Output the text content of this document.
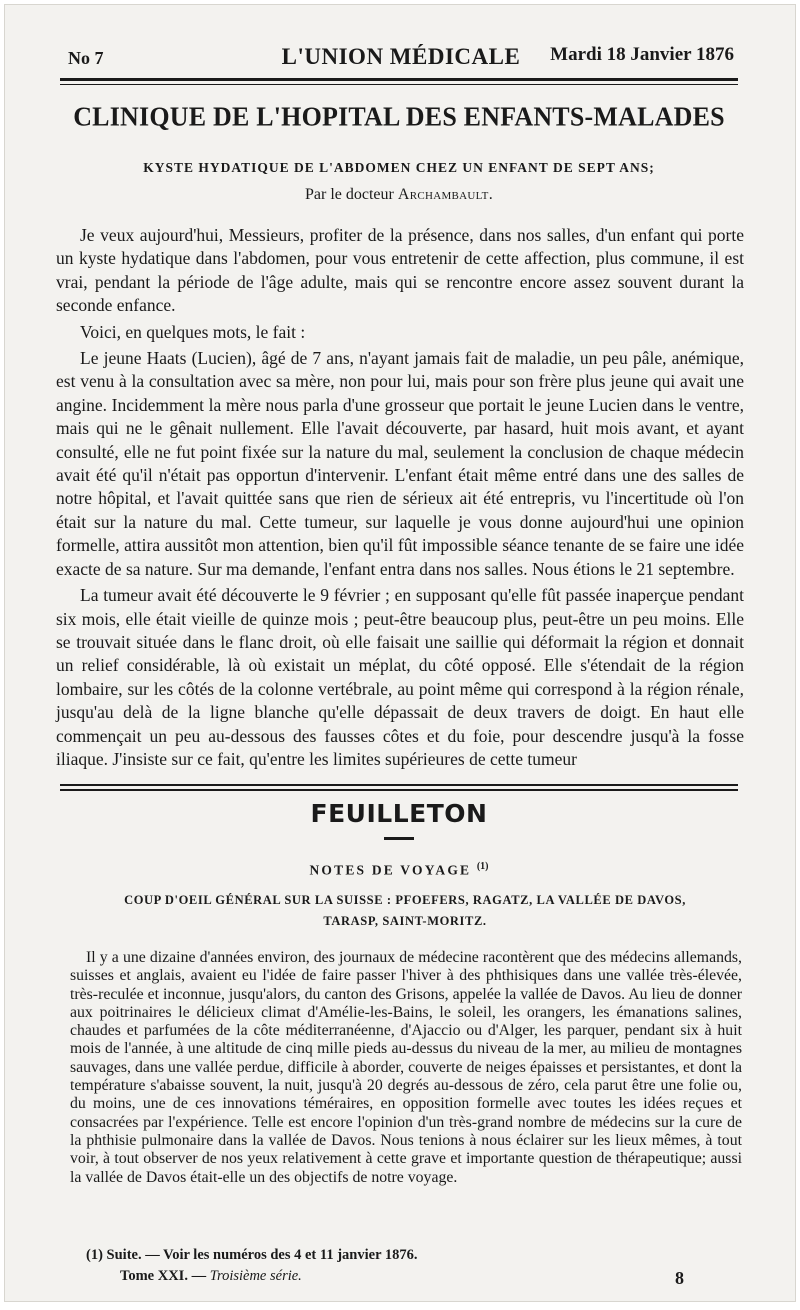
No 7	L'UNION MÉDICALE	Mardi 18 Janvier 1876
CLINIQUE DE L'HOPITAL DES ENFANTS-MALADES
KYSTE HYDATIQUE DE L'ABDOMEN CHEZ UN ENFANT DE SEPT ANS;
Par le docteur Archambault.

Je veux aujourd'hui, Messieurs, profiter de la présence, dans nos salles, d'un enfant qui porte un kyste hydatique dans l'abdomen, pour vous entretenir de cette affection, plus commune, il est vrai, pendant la période de l'âge adulte, mais qui se rencontre encore assez souvent durant la seconde enfance.

Voici, en quelques mots, le fait :

Le jeune Haats (Lucien), âgé de 7 ans, n'ayant jamais fait de maladie, un peu pâle, anémique, est venu à la consultation avec sa mère, non pour lui, mais pour son frère plus jeune qui avait une angine. Incidemment la mère nous parla d'une grosseur que portait le jeune Lucien dans le ventre, mais qui ne le gênait nullement. Elle l'avait découverte, par hasard, huit mois avant, et ayant consulté, elle ne fut point fixée sur la nature du mal, seulement la conclusion de chaque médecin avait été qu'il n'était pas opportun d'intervenir. L'enfant était même entré dans une des salles de notre hôpital, et l'avait quittée sans que rien de sérieux ait été entrepris, vu l'incertitude où l'on était sur la nature du mal. Cette tumeur, sur laquelle je vous donne aujourd'hui une opinion formelle, attira aussitôt mon attention, bien qu'il fût impossible séance tenante de se faire une idée exacte de sa nature. Sur ma demande, l'enfant entra dans nos salles. Nous étions le 21 septembre.

La tumeur avait été découverte le 9 février ; en supposant qu'elle fût passée inaperçue pendant six mois, elle était vieille de quinze mois ; peut-être beaucoup plus, peut-être un peu moins. Elle se trouvait située dans le flanc droit, où elle faisait une saillie qui déformait la région et donnait un relief considérable, là où existait un méplat, du côté opposé. Elle s'étendait de la région lombaire, sur les côtés de la colonne vertébrale, au point même qui correspond à la région rénale, jusqu'au delà de la ligne blanche qu'elle dépassait de deux travers de doigt. En haut elle commençait un peu au-dessous des fausses côtes et du foie, pour descendre jusqu'à la fosse iliaque. J'insiste sur ce fait, qu'entre les limites supérieures de cette tumeur

FEUILLETON
NOTES DE VOYAGE $^{(1)}$
COUP D'OEIL GÉNÉRAL SUR LA SUISSE : PFOEFERS, RAGATZ, LA VALLÉE DE DAVOS,
TARASP, SAINT-MORITZ.

Il y a une dizaine d'années environ, des journaux de médecine racontèrent que des médecins allemands, suisses et anglais, avaient eu l'idée de faire passer l'hiver à des phthisiques dans une vallée très-élevée, très-reculée et inconnue, jusqu'alors, du canton des Grisons, appelée la vallée de Davos. Au lieu de donner aux poitrinaires le délicieux climat d'Amélie-les-Bains, le soleil, les orangers, les émanations salines, chaudes et parfumées de la côte méditerranéenne, d'Ajaccio ou d'Alger, les parquer, pendant six à huit mois de l'année, à une altitude de cinq mille pieds au-dessus du niveau de la mer, au milieu de montagnes sauvages, dans une vallée perdue, difficile à aborder, couverte de neiges épaisses et persistantes, et dont la température s'abaisse souvent, la nuit, jusqu'à 20 degrés au-dessous de zéro, cela parut être une folie ou, du moins, une de ces innovations téméraires, en opposition formelle avec toutes les idées reçues et consacrées par l'expérience. Telle est encore l'opinion d'un très-grand nombre de médecins sur la cure de la phthisie pulmonaire dans la vallée de Davos. Nous tenions à nous éclairer sur les lieux mêmes, à tout voir, à tout observer de nos yeux relativement à cette grave et importante question de thérapeutique; aussi la vallée de Davos était-elle un des objectifs de notre voyage.

(1) Suite. — Voir les numéros des 4 et 11 janvier 1876.
Tome XXI. — Troisième série.	8
